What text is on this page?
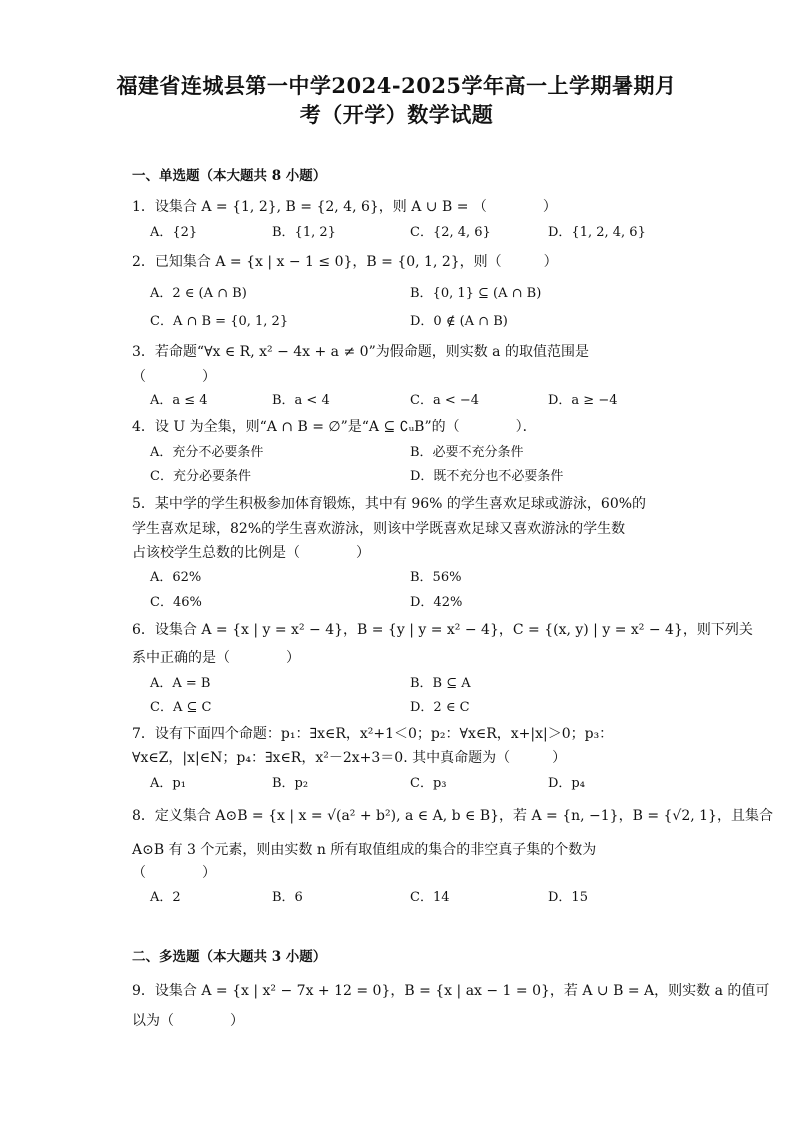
福建省连城县第一中学2024-2025学年高一上学期暑期月
考（开学）数学试题
一、单选题（本大题共 8 小题）
1．设集合 A = {1, 2}, B = {2, 4, 6}，则 A ∪ B = （　　　　）
A．{2}	B．{1, 2}	C．{2, 4, 6}	D．{1, 2, 4, 6}
2．已知集合 A = {x | x − 1 ≤ 0}，B = {0, 1, 2}，则（　　　）
A．2 ∈ (A ∩ B)	B．{0, 1} ⊆ (A ∩ B)
C．A ∩ B = {0, 1, 2}	D．0 ∉ (A ∩ B)
3．若命题“∀x ∈ R, x² − 4x + a ≠ 0”为假命题，则实数 a 的取值范围是
（　　　　）
A．a ≤ 4	B．a < 4	C．a < −4	D．a ≥ −4
4．设 U 为全集，则“A ∩ B = ∅”是“A ⊆ ∁ᵤB”的（　　　　）．
A．充分不必要条件	B．必要不充分条件
C．充分必要条件	D．既不充分也不必要条件
5．某中学的学生积极参加体育锻炼，其中有 96% 的学生喜欢足球或游泳，60%的
学生喜欢足球，82%的学生喜欢游泳，则该中学既喜欢足球又喜欢游泳的学生数
占该校学生总数的比例是（　　　　）
A．62%	B．56%
C．46%	D．42%
6．设集合 A = {x | y = x² − 4}，B = {y | y = x² − 4}，C = {(x, y) | y = x² − 4}，则下列关
系中正确的是（　　　　）
A．A = B	B．B ⊆ A
C．A ⊆ C	D．2 ∈ C
7．设有下面四个命题：p₁：∃x∈R，x²+1＜0；p₂：∀x∈R，x+|x|＞0；p₃：
∀x∈Z，|x|∈N；p₄：∃x∈R，x²－2x+3＝0. 其中真命题为（　　　）
A．p₁	B．p₂	C．p₃	D．p₄
8．定义集合 A⊙B = {x | x = √(a² + b²), a ∈ A, b ∈ B}，若 A = {n, −1}，B = {√2, 1}，且集合
A⊙B 有 3 个元素，则由实数 n 所有取值组成的集合的非空真子集的个数为
（　　　　）
A．2	B．6	C．14	D．15
二、多选题（本大题共 3 小题）
9．设集合 A = {x | x² − 7x + 12 = 0}，B = {x | ax − 1 = 0}，若 A ∪ B = A，则实数 a 的值可
以为（　　　　）
